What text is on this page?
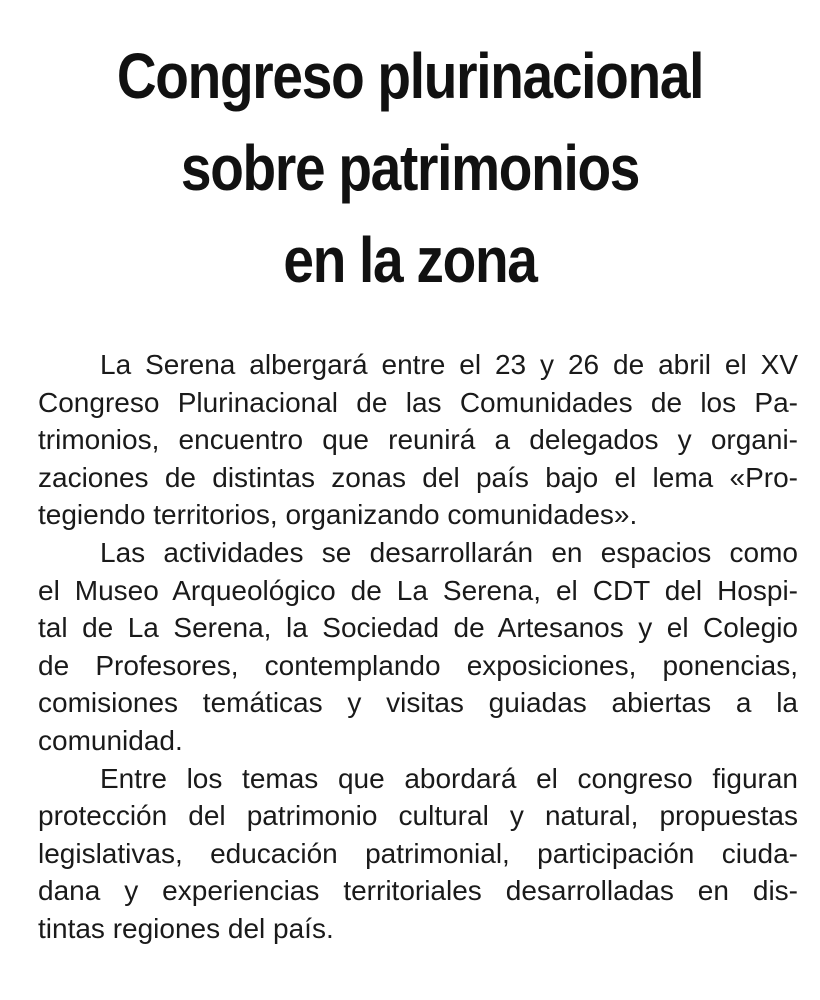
Congreso plurinacional
sobre patrimonios
en la zona
La Serena albergará entre el 23 y 26 de abril el XV
Congreso Plurinacional de las Comunidades de los Pa-
trimonios, encuentro que reunirá a delegados y organi-
zaciones de distintas zonas del país bajo el lema «Pro-
tegiendo territorios, organizando comunidades».
Las actividades se desarrollarán en espacios como
el Museo Arqueológico de La Serena, el CDT del Hospi-
tal de La Serena, la Sociedad de Artesanos y el Colegio
de Profesores, contemplando exposiciones, ponencias,
comisiones temáticas y visitas guiadas abiertas a la
comunidad.
Entre los temas que abordará el congreso figuran
protección del patrimonio cultural y natural, propuestas
legislativas, educación patrimonial, participación ciuda-
dana y experiencias territoriales desarrolladas en dis-
tintas regiones del país.
